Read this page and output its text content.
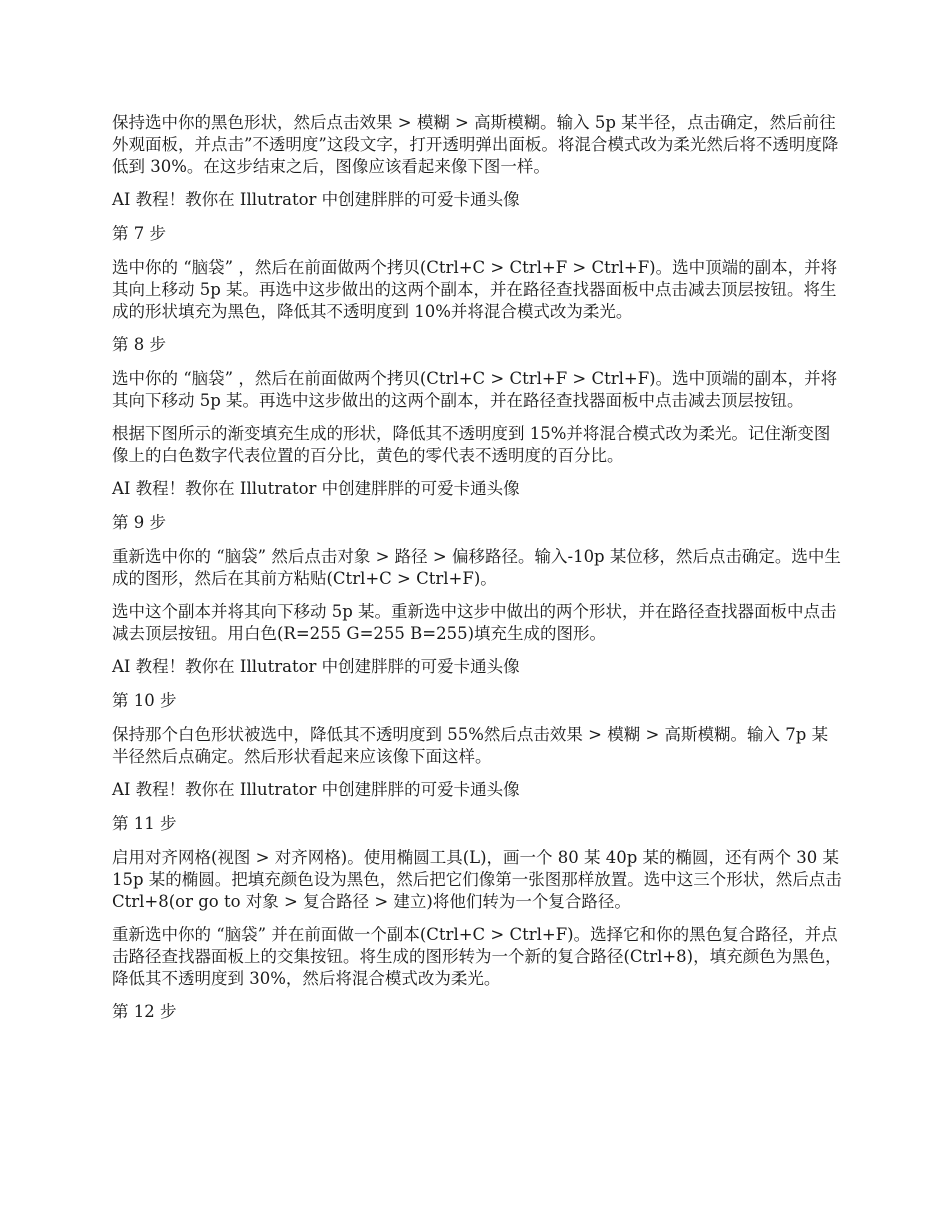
保持选中你的黑色形状，然后点击效果 > 模糊 > 高斯模糊。输入 5p 某半径，点击确定，然后前往外观面板，并点击”不透明度”这段文字，打开透明弹出面板。将混合模式改为柔光然后将不透明度降低到 30%。在这步结束之后，图像应该看起来像下图一样。

AI 教程！教你在 Illutrator 中创建胖胖的可爱卡通头像

第 7 步

选中你的 “脑袋” ，然后在前面做两个拷贝(Ctrl+C > Ctrl+F > Ctrl+F)。选中顶端的副本，并将其向上移动 5p 某。再选中这步做出的这两个副本，并在路径查找器面板中点击减去顶层按钮。将生成的形状填充为黑色，降低其不透明度到 10%并将混合模式改为柔光。

第 8 步

选中你的 “脑袋” ，然后在前面做两个拷贝(Ctrl+C > Ctrl+F > Ctrl+F)。选中顶端的副本，并将其向下移动 5p 某。再选中这步做出的这两个副本，并在路径查找器面板中点击减去顶层按钮。

根据下图所示的渐变填充生成的形状，降低其不透明度到 15%并将混合模式改为柔光。记住渐变图像上的白色数字代表位置的百分比，黄色的零代表不透明度的百分比。

AI 教程！教你在 Illutrator 中创建胖胖的可爱卡通头像

第 9 步

重新选中你的 “脑袋” 然后点击对象 > 路径 > 偏移路径。输入-10p 某位移，然后点击确定。选中生成的图形，然后在其前方粘贴(Ctrl+C > Ctrl+F)。

选中这个副本并将其向下移动 5p 某。重新选中这步中做出的两个形状，并在路径查找器面板中点击减去顶层按钮。用白色(R=255 G=255 B=255)填充生成的图形。

AI 教程！教你在 Illutrator 中创建胖胖的可爱卡通头像

第 10 步

保持那个白色形状被选中，降低其不透明度到 55%然后点击效果 > 模糊 > 高斯模糊。输入 7p 某半径然后点确定。然后形状看起来应该像下面这样。

AI 教程！教你在 Illutrator 中创建胖胖的可爱卡通头像

第 11 步

启用对齐网格(视图 > 对齐网格)。使用椭圆工具(L)，画一个 80 某 40p 某的椭圆，还有两个 30 某 15p 某的椭圆。把填充颜色设为黑色，然后把它们像第一张图那样放置。选中这三个形状，然后点击 Ctrl+8(or go to 对象 > 复合路径 > 建立)将他们转为一个复合路径。

重新选中你的 “脑袋” 并在前面做一个副本(Ctrl+C > Ctrl+F)。选择它和你的黑色复合路径，并点击路径查找器面板上的交集按钮。将生成的图形转为一个新的复合路径(Ctrl+8)，填充颜色为黑色，降低其不透明度到 30%，然后将混合模式改为柔光。

第 12 步
